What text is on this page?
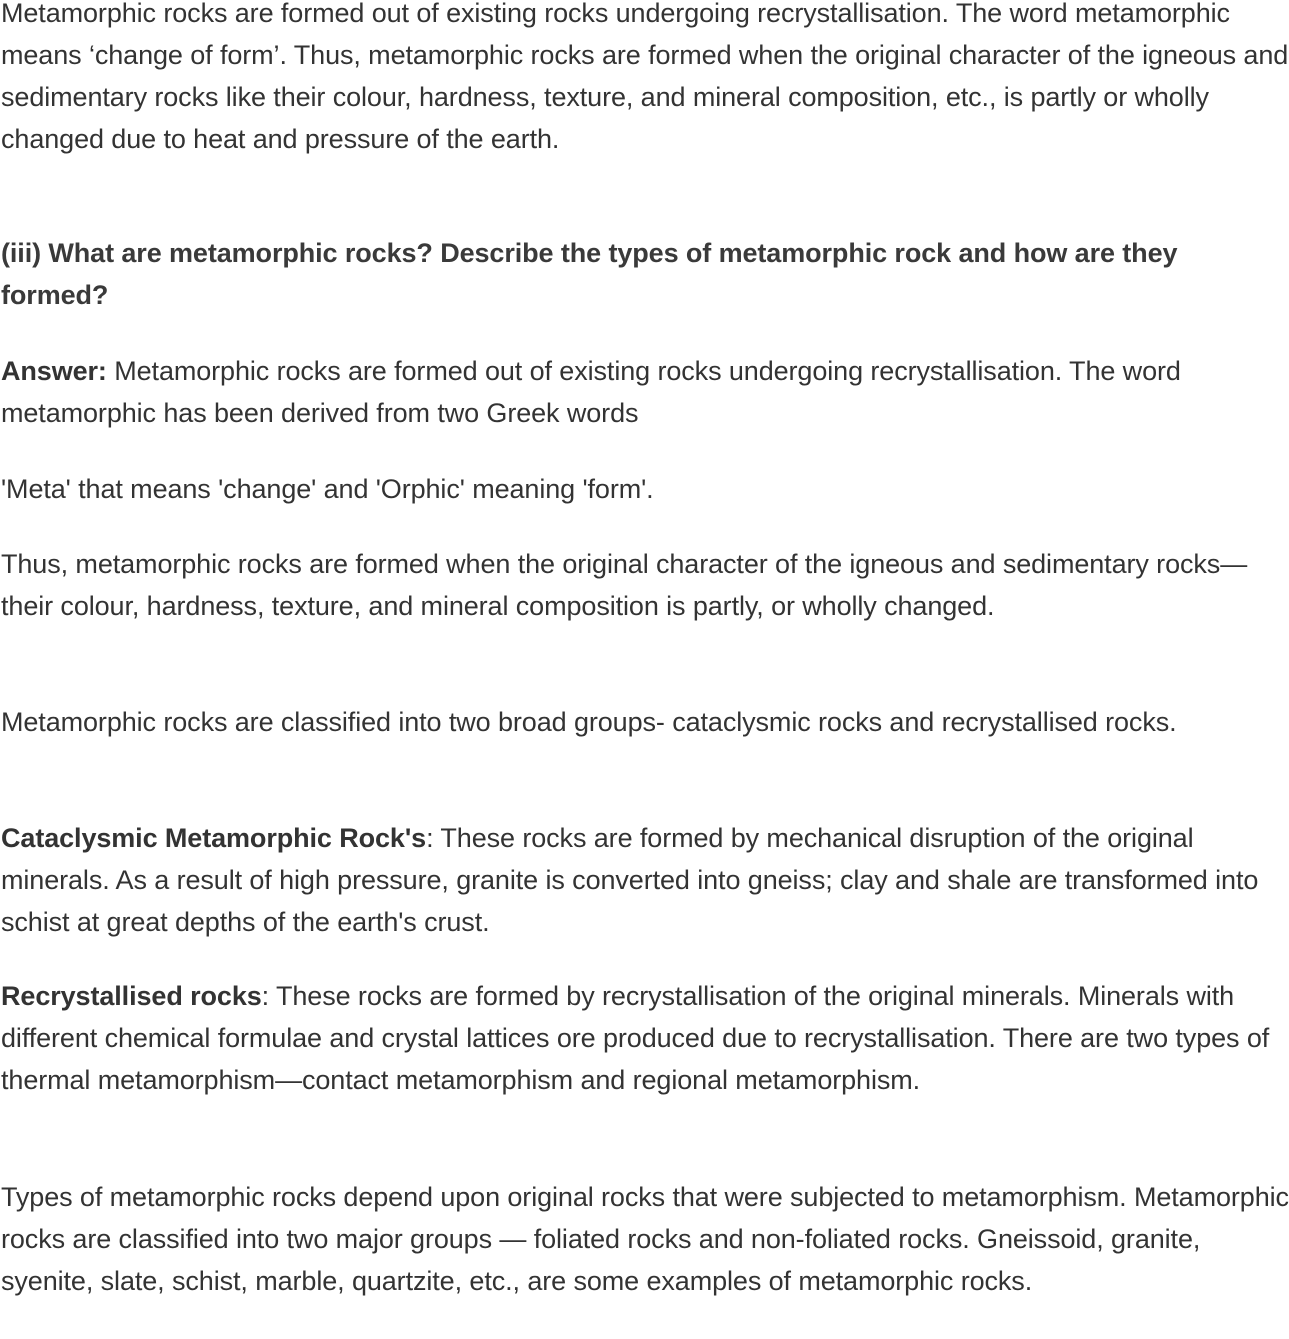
Metamorphic rocks are formed out of existing rocks undergoing recrystallisation. The word metamorphic means ‘change of form’. Thus, metamorphic rocks are formed when the original character of the igneous and sedimentary rocks like their colour, hardness, texture, and mineral composition, etc., is partly or wholly changed due to heat and pressure of the earth.

(iii) What are metamorphic rocks? Describe the types of metamorphic rock and how are they formed?

Answer: Metamorphic rocks are formed out of existing rocks undergoing recrystallisation. The word metamorphic has been derived from two Greek words

'Meta' that means 'change' and 'Orphic' meaning 'form'.

Thus, metamorphic rocks are formed when the original character of the igneous and sedimentary rocks—their colour, hardness, texture, and mineral composition is partly, or wholly changed.

Metamorphic rocks are classified into two broad groups- cataclysmic rocks and recrystallised rocks.

Cataclysmic Metamorphic Rock's: These rocks are formed by mechanical disruption of the original minerals. As a result of high pressure, granite is converted into gneiss; clay and shale are transformed into schist at great depths of the earth's crust.

Recrystallised rocks: These rocks are formed by recrystallisation of the original minerals. Minerals with different chemical formulae and crystal lattices ore produced due to recrystallisation. There are two types of thermal metamorphism—contact metamorphism and regional metamorphism.

Types of metamorphic rocks depend upon original rocks that were subjected to metamorphism. Metamorphic rocks are classified into two major groups — foliated rocks and non-foliated rocks. Gneissoid, granite, syenite, slate, schist, marble, quartzite, etc., are some examples of metamorphic rocks.
